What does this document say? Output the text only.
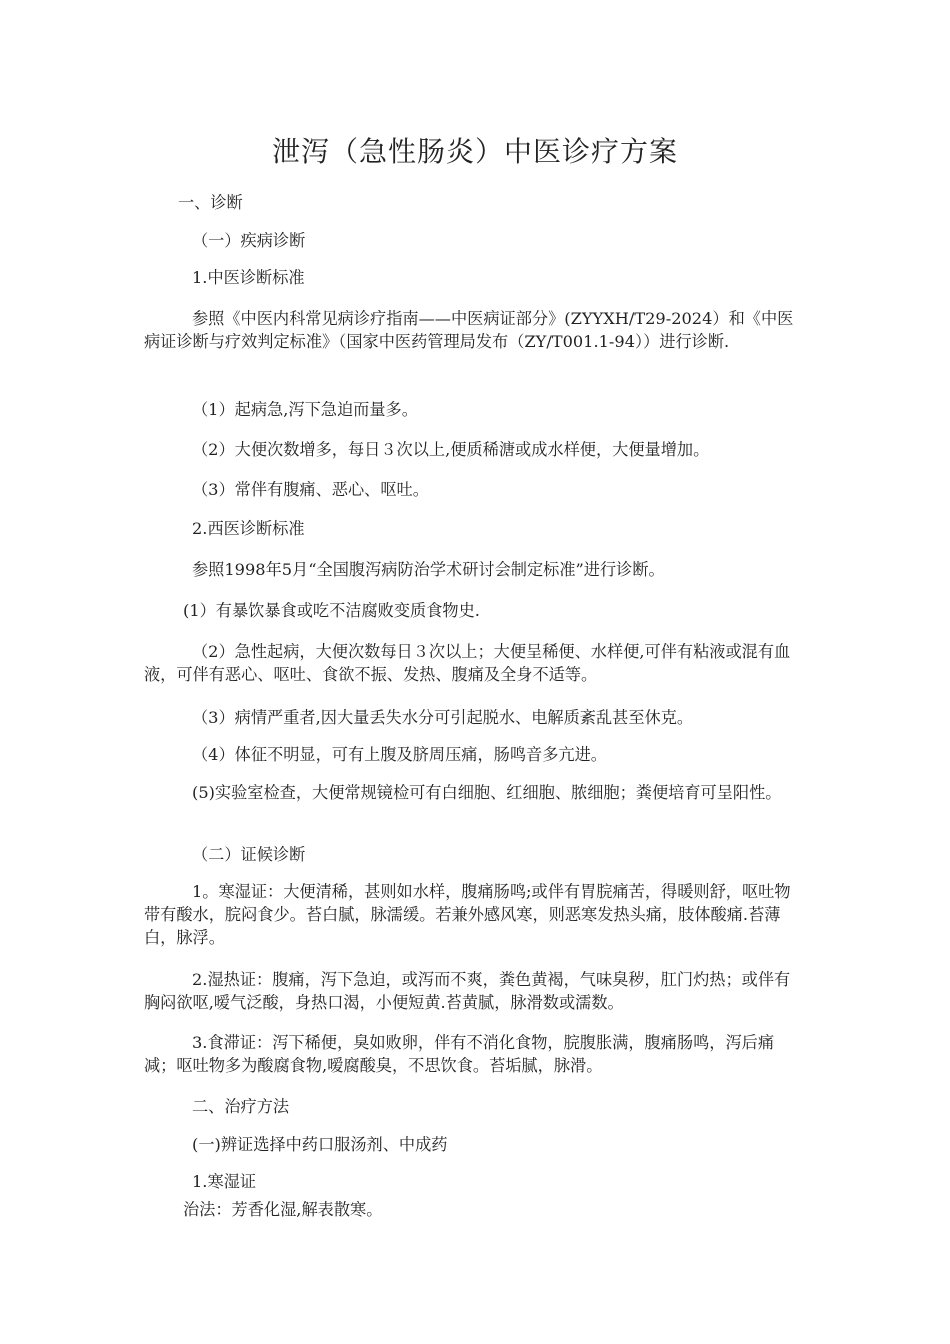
泄泻（急性肠炎）中医诊疗方案

一、诊断

（一）疾病诊断

1.中医诊断标准

参照《中医内科常见病诊疗指南——中医病证部分》(ZYYXH/T29-2024）和《中医病证诊断与疗效判定标准》（国家中医药管理局发布（ZY/T001.1-94））进行诊断.

（1）起病急,泻下急迫而量多。

（2）大便次数增多，每日３次以上,便质稀溏或成水样便，大便量增加。

（3）常伴有腹痛、恶心、呕吐。

2.西医诊断标准

参照1998年5月“全国腹泻病防治学术研讨会制定标准”进行诊断。

(1）有暴饮暴食或吃不洁腐败变质食物史.

（2）急性起病，大便次数每日３次以上；大便呈稀便、水样便,可伴有粘液或混有血液，可伴有恶心、呕吐、食欲不振、发热、腹痛及全身不适等。

（3）病情严重者,因大量丢失水分可引起脱水、电解质紊乱甚至休克。

（4）体征不明显，可有上腹及脐周压痛，肠鸣音多亢进。

(5)实验室检查，大便常规镜检可有白细胞、红细胞、脓细胞；粪便培育可呈阳性。

（二）证候诊断

1。寒湿证：大便清稀，甚则如水样，腹痛肠鸣;或伴有胃脘痛苦，得暖则舒，呕吐物带有酸水，脘闷食少。苔白腻，脉濡缓。若兼外感风寒，则恶寒发热头痛，肢体酸痛.苔薄白，脉浮。

2.湿热证：腹痛，泻下急迫，或泻而不爽，粪色黄褐，气味臭秽，肛门灼热；或伴有胸闷欲呕,嗳气泛酸，身热口渴，小便短黄.苔黄腻，脉滑数或濡数。

3.食滞证：泻下稀便，臭如败卵，伴有不消化食物，脘腹胀满，腹痛肠鸣，泻后痛减；呕吐物多为酸腐食物,嗳腐酸臭，不思饮食。苔垢腻，脉滑。

二、治疗方法

(一)辨证选择中药口服汤剂、中成药

1.寒湿证

治法：芳香化湿,解表散寒。
